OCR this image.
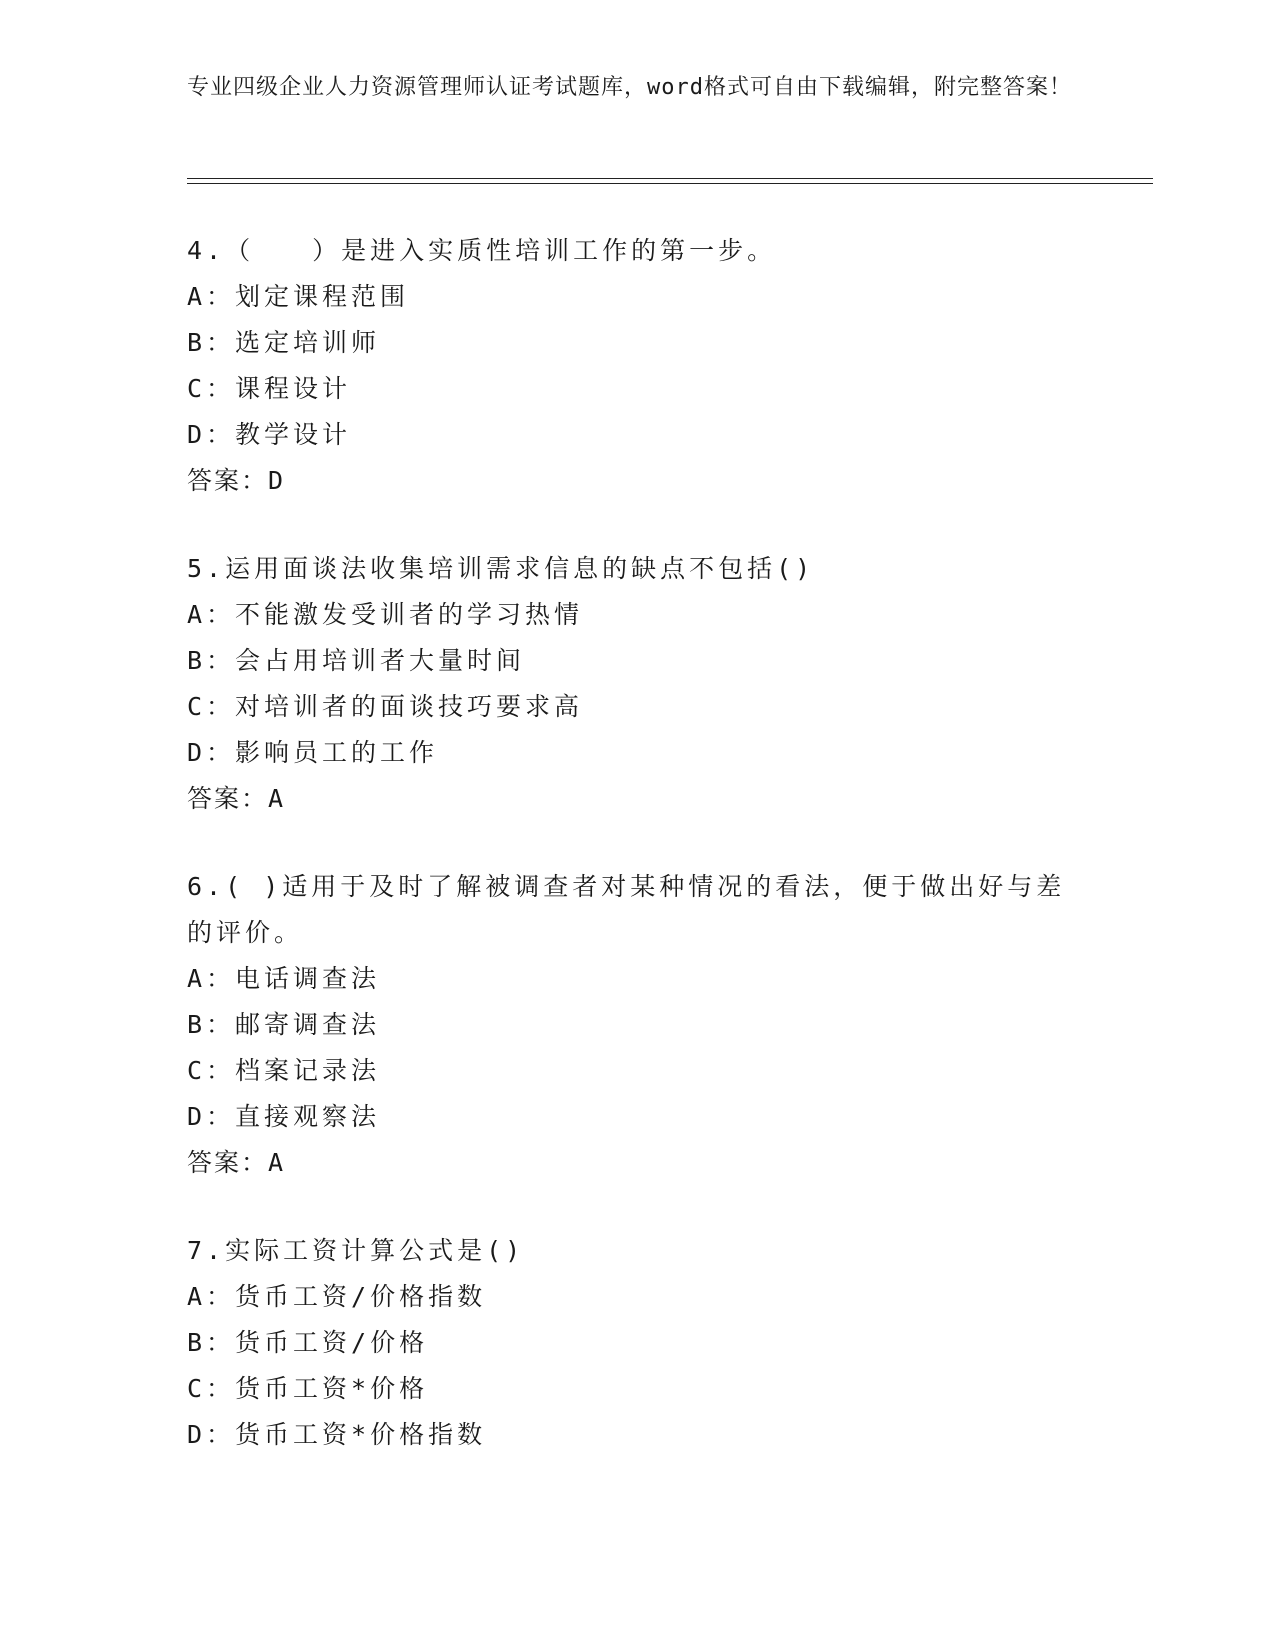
专业四级企业人力资源管理师认证考试题库，word格式可自由下载编辑，附完整答案！
4.（　　）是进入实质性培训工作的第一步。
A：划定课程范围
B：选定培训师
C：课程设计
D：教学设计
答案：D
5.运用面谈法收集培训需求信息的缺点不包括()
A：不能激发受训者的学习热情
B：会占用培训者大量时间
C：对培训者的面谈技巧要求高
D：影响员工的工作
答案：A
6.( )适用于及时了解被调查者对某种情况的看法，便于做出好与差的评价。
A：电话调查法
B：邮寄调查法
C：档案记录法
D：直接观察法
答案：A
7.实际工资计算公式是()
A：货币工资/价格指数
B：货币工资/价格
C：货币工资*价格
D：货币工资*价格指数
